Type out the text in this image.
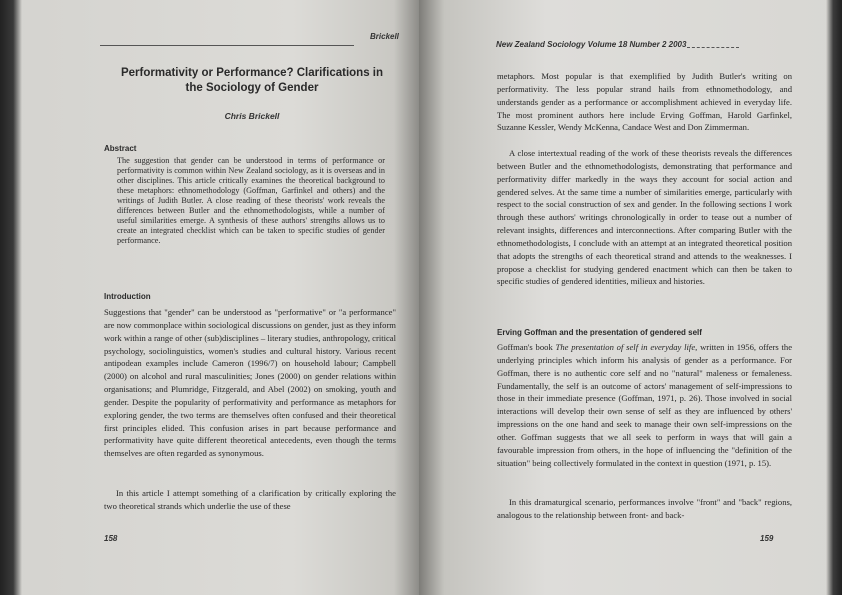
Brickell
Performativity or Performance? Clarifications in the Sociology of Gender
Chris Brickell
Abstract
The suggestion that gender can be understood in terms of performance or performativity is common within New Zealand sociology, as it is overseas and in other disciplines. This article critically examines the theoretical background to these metaphors: ethnomethodology (Goffman, Garfinkel and others) and the writings of Judith Butler. A close reading of these theorists' work reveals the differences between Butler and the ethnomethodologists, while a number of useful similarities emerge. A synthesis of these authors' strengths allows us to create an integrated checklist which can be taken to specific studies of gender performance.
Introduction
Suggestions that "gender" can be understood as "performative" or "a performance" are now commonplace within sociological discussions on gender, just as they inform work within a range of other (sub)disciplines – literary studies, anthropology, critical psychology, sociolinguistics, women's studies and cultural history. Various recent antipodean examples include Cameron (1996/7) on household labour; Campbell (2000) on alcohol and rural masculinities; Jones (2000) on gender relations within organisations; and Plumridge, Fitzgerald, and Abel (2002) on smoking, youth and gender. Despite the popularity of performativity and performance as metaphors for exploring gender, the two terms are themselves often confused and their theoretical first principles elided. This confusion arises in part because performance and performativity have quite different theoretical antecedents, even though the terms themselves are often regarded as synonymous.
In this article I attempt something of a clarification by critically exploring the two theoretical strands which underlie the use of these
158
New Zealand Sociology Volume 18 Number 2 2003
metaphors. Most popular is that exemplified by Judith Butler's writing on performativity. The less popular strand hails from ethnomethodology, and understands gender as a performance or accomplishment achieved in everyday life. The most prominent authors here include Erving Goffman, Harold Garfinkel, Suzanne Kessler, Wendy McKenna, Candace West and Don Zimmerman.
A close intertextual reading of the work of these theorists reveals the differences between Butler and the ethnomethodologists, demonstrating that performance and performativity differ markedly in the ways they account for social action and gendered selves. At the same time a number of similarities emerge, particularly with respect to the social construction of sex and gender. In the following sections I work through these authors' writings chronologically in order to tease out a number of relevant insights, differences and interconnections. After comparing Butler with the ethnomethodologists, I conclude with an attempt at an integrated theoretical position that adopts the strengths of each theoretical strand and attends to the weaknesses. I propose a checklist for studying gendered enactment which can then be taken to specific studies of gendered identities, milieux and histories.
Erving Goffman and the presentation of gendered self
Goffman's book The presentation of self in everyday life, written in 1956, offers the underlying principles which inform his analysis of gender as a performance. For Goffman, there is no authentic core self and no "natural" maleness or femaleness. Fundamentally, the self is an outcome of actors' management of self-impressions to those in their immediate presence (Goffman, 1971, p. 26). Those involved in social interactions will develop their own sense of self as they are influenced by others' impressions on the one hand and seek to manage their own self-impressions on the other. Goffman suggests that we all seek to perform in ways that will gain a favourable impression from others, in the hope of influencing the "definition of the situation" being collectively formulated in the context in question (1971, p. 15).
In this dramaturgical scenario, performances involve "front" and "back" regions, analogous to the relationship between front- and back-
159
